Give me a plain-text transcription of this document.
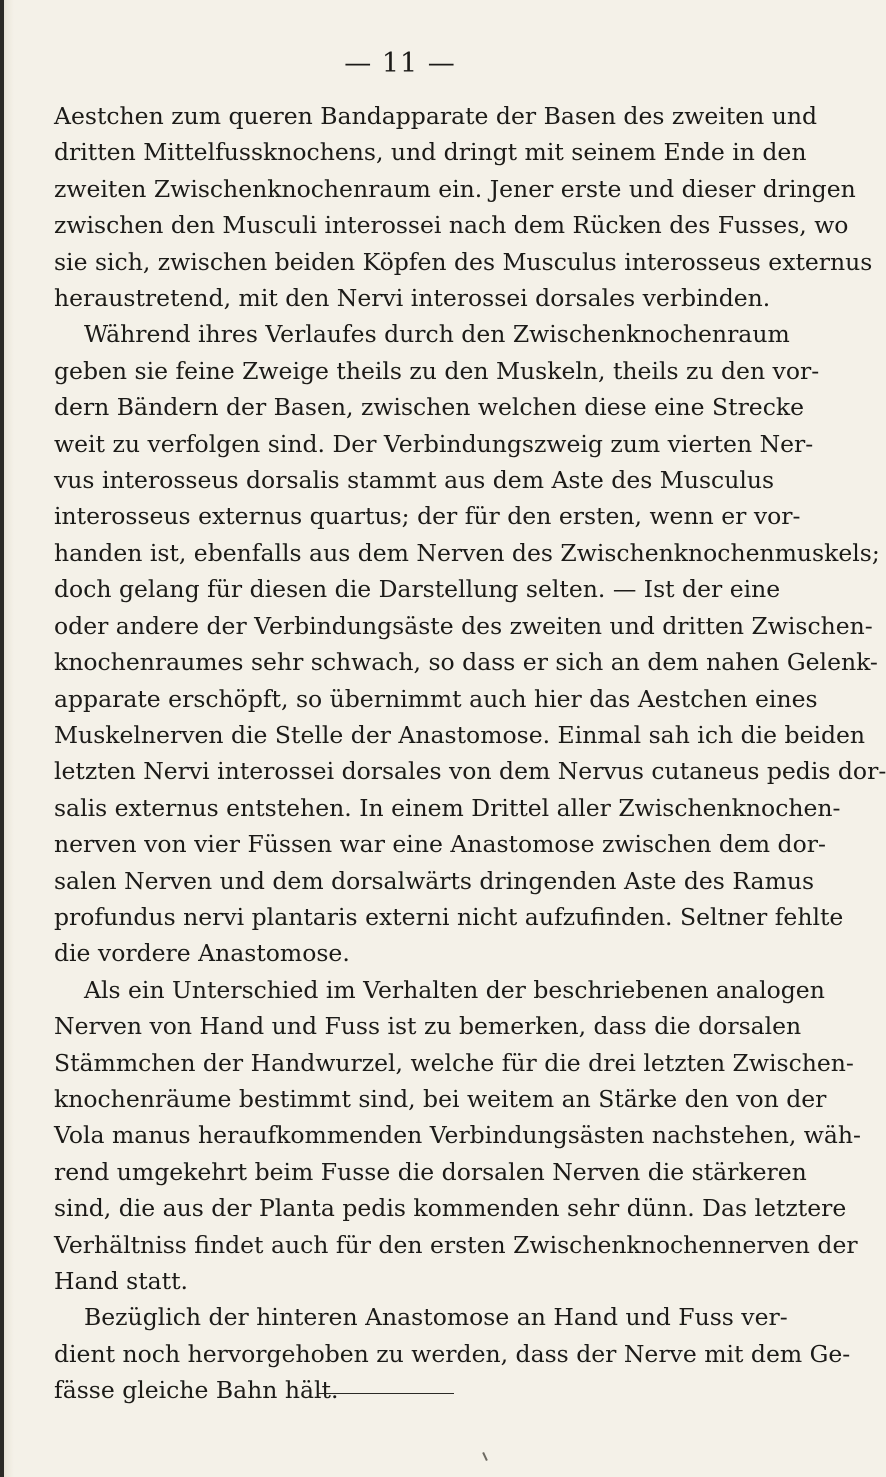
— 11 —

Aestchen zum queren Bandapparate der Basen des zweiten und
dritten Mittelfussknochens, und dringt mit seinem Ende in den
zweiten Zwischenknochenraum ein. Jener erste und dieser dringen
zwischen den Musculi interossei nach dem Rücken des Fusses, wo
sie sich, zwischen beiden Köpfen des Musculus interosseus externus
heraustretend, mit den Nervi interossei dorsales verbinden.

Während ihres Verlaufes durch den Zwischenknochenraum
geben sie feine Zweige theils zu den Muskeln, theils zu den vor-
dern Bändern der Basen, zwischen welchen diese eine Strecke
weit zu verfolgen sind. Der Verbindungszweig zum vierten Ner-
vus interosseus dorsalis stammt aus dem Aste des Musculus
interosseus externus quartus; der für den ersten, wenn er vor-
handen ist, ebenfalls aus dem Nerven des Zwischenknochenmuskels;
doch gelang für diesen die Darstellung selten. — Ist der eine
oder andere der Verbindungsäste des zweiten und dritten Zwischen-
knochenraumes sehr schwach, so dass er sich an dem nahen Gelenk-
apparate erschöpft, so übernimmt auch hier das Aestchen eines
Muskelnerven die Stelle der Anastomose. Einmal sah ich die beiden
letzten Nervi interossei dorsales von dem Nervus cutaneus pedis dor-
salis externus entstehen. In einem Drittel aller Zwischenknochen-
nerven von vier Füssen war eine Anastomose zwischen dem dor-
salen Nerven und dem dorsalwärts dringenden Aste des Ramus
profundus nervi plantaris externi nicht aufzufinden. Seltner fehlte
die vordere Anastomose.

Als ein Unterschied im Verhalten der beschriebenen analogen
Nerven von Hand und Fuss ist zu bemerken, dass die dorsalen
Stämmchen der Handwurzel, welche für die drei letzten Zwischen-
knochenräume bestimmt sind, bei weitem an Stärke den von der
Vola manus heraufkommenden Verbindungsästen nachstehen, wäh-
rend umgekehrt beim Fusse die dorsalen Nerven die stärkeren
sind, die aus der Planta pedis kommenden sehr dünn. Das letztere
Verhältniss findet auch für den ersten Zwischenknochennerven der
Hand statt.

Bezüglich der hinteren Anastomose an Hand und Fuss ver-
dient noch hervorgehoben zu werden, dass der Nerve mit dem Ge-
fässe gleiche Bahn hält.
